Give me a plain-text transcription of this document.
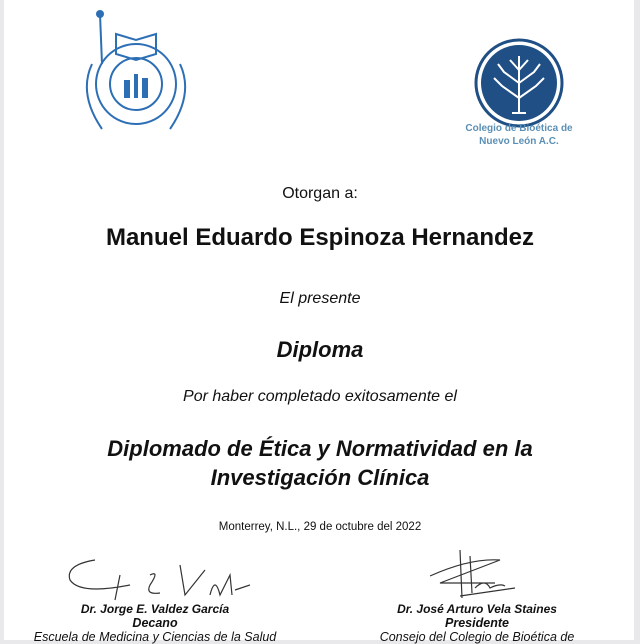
Colegio de Bioética de
Nuevo León A.C.
Otorgan a:
Manuel Eduardo Espinoza Hernandez
El presente
Diploma
Por haber completado exitosamente el
Diplomado de Ética y Normatividad en la
Investigación Clínica
Monterrey, N.L., 29 de octubre del 2022
Dr. Jorge E. Valdez García
Decano
Escuela de Medicina y Ciencias de la Salud
Dr. José Arturo Vela Staines
Presidente
Consejo del Colegio de Bioética de
